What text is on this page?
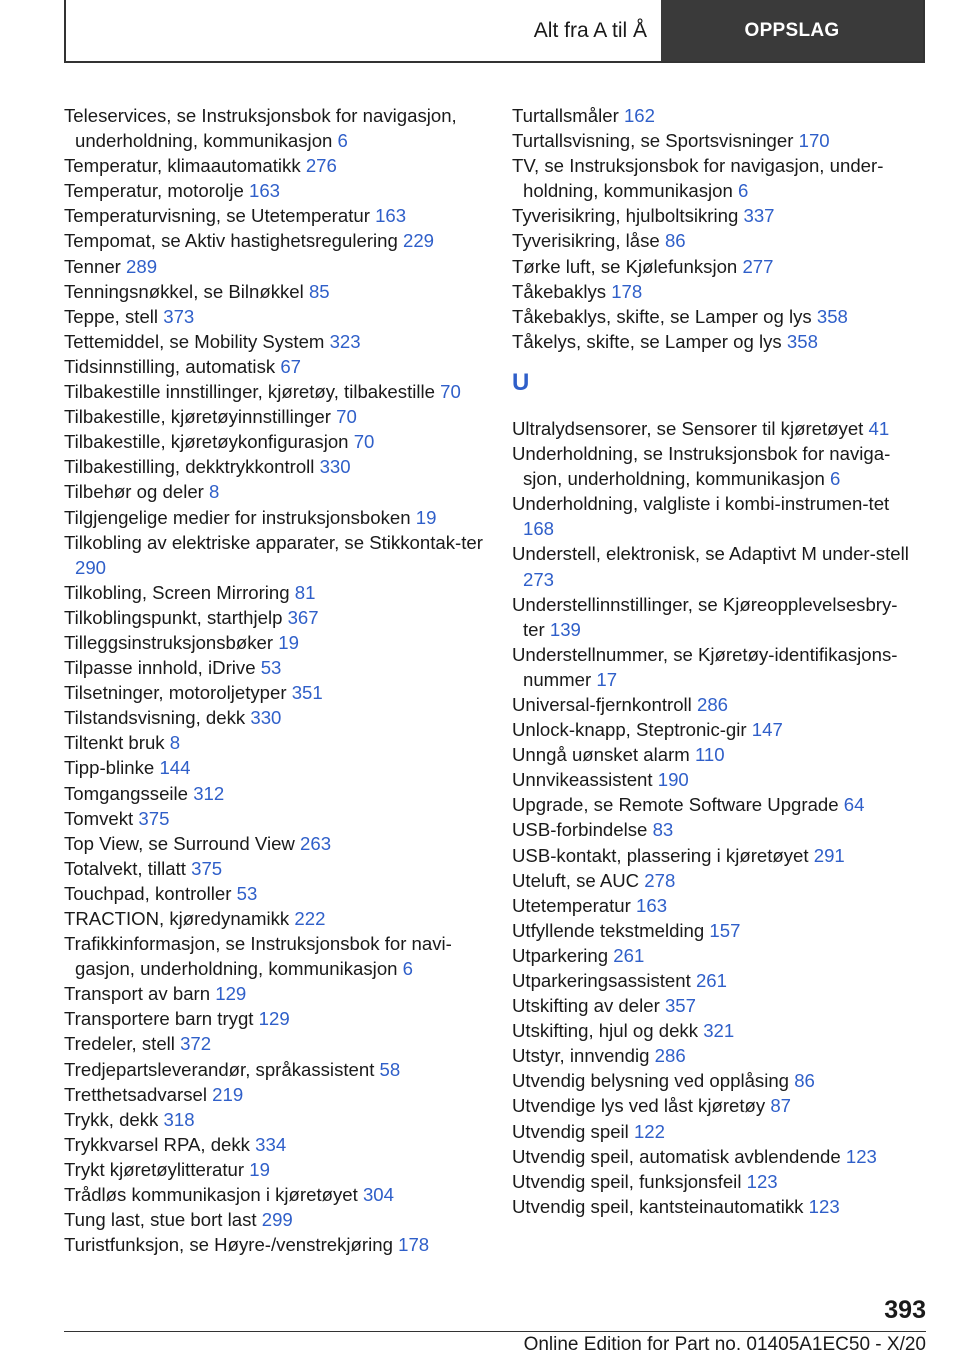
Alt fra A til Å	OPPSLAG
Teleservices, se Instruksjonsbok for navigasjon, underholdning, kommunikasjon 6
Temperatur, klimaautomatikk 276
Temperatur, motorolje 163
Temperaturvisning, se Utetemperatur 163
Tempomat, se Aktiv hastighetsregulering 229
Tenner 289
Tenningsnøkkel, se Bilnøkkel 85
Teppe, stell 373
Tettemiddel, se Mobility System 323
Tidsinnstilling, automatisk 67
Tilbakestille innstillinger, kjøretøy, tilbakestille 70
Tilbakestille, kjøretøyinnstillinger 70
Tilbakestille, kjøretøykonfigurasjon 70
Tilbakestilling, dekktrykkontroll 330
Tilbehør og deler 8
Tilgjengelige medier for instruksjonsboken 19
Tilkobling av elektriske apparater, se Stikkontak-ter 290
Tilkobling, Screen Mirroring 81
Tilkoblingspunkt, starthjelp 367
Tilleggsinstruksjonsbøker 19
Tilpasse innhold, iDrive 53
Tilsetninger, motoroljetyper 351
Tilstandsvisning, dekk 330
Tiltenkt bruk 8
Tipp-blinke 144
Tomgangsseile 312
Tomvekt 375
Top View, se Surround View 263
Totalvekt, tillatt 375
Touchpad, kontroller 53
TRACTION, kjøredynamikk 222
Trafikkinformasjon, se Instruksjonsbok for navi-gasjon, underholdning, kommunikasjon 6
Transport av barn 129
Transportere barn trygt 129
Tredeler, stell 372
Tredjepartsleverandør, språkassistent 58
Tretthetsadvarsel 219
Trykk, dekk 318
Trykkvarsel RPA, dekk 334
Trykt kjøretøylitteratur 19
Trådløs kommunikasjon i kjøretøyet 304
Tung last, stue bort last 299
Turistfunksjon, se Høyre-/venstrekjøring 178
Turtallsmåler 162
Turtallsvisning, se Sportsvisninger 170
TV, se Instruksjonsbok for navigasjon, under-holdning, kommunikasjon 6
Tyverisikring, hjulboltsikring 337
Tyverisikring, låse 86
Tørke luft, se Kjølefunksjon 277
Tåkebaklys 178
Tåkebaklys, skifte, se Lamper og lys 358
Tåkelys, skifte, se Lamper og lys 358
U
Ultralydsensorer, se Sensorer til kjøretøyet 41
Underholdning, se Instruksjonsbok for naviga-sjon, underholdning, kommunikasjon 6
Underholdning, valgliste i kombi-instrumen-tet 168
Understell, elektronisk, se Adaptivt M under-stell 273
Understellinnstillinger, se Kjøreopplevelsesbry-ter 139
Understellnummer, se Kjøretøy-identifikasjons-nummer 17
Universal-fjernkontroll 286
Unlock-knapp, Steptronic-gir 147
Unngå uønsket alarm 110
Unnvikeassistent 190
Upgrade, se Remote Software Upgrade 64
USB-forbindelse 83
USB-kontakt, plassering i kjøretøyet 291
Uteluft, se AUC 278
Utetemperatur 163
Utfyllende tekstmelding 157
Utparkering 261
Utparkeringsassistent 261
Utskifting av deler 357
Utskifting, hjul og dekk 321
Utstyr, innvendig 286
Utvendig belysning ved opplåsing 86
Utvendige lys ved låst kjøretøy 87
Utvendig speil 122
Utvendig speil, automatisk avblendende 123
Utvendig speil, funksjonsfeil 123
Utvendig speil, kantsteinautomatikk 123
393
Online Edition for Part no. 01405A1EC50 - X/20
